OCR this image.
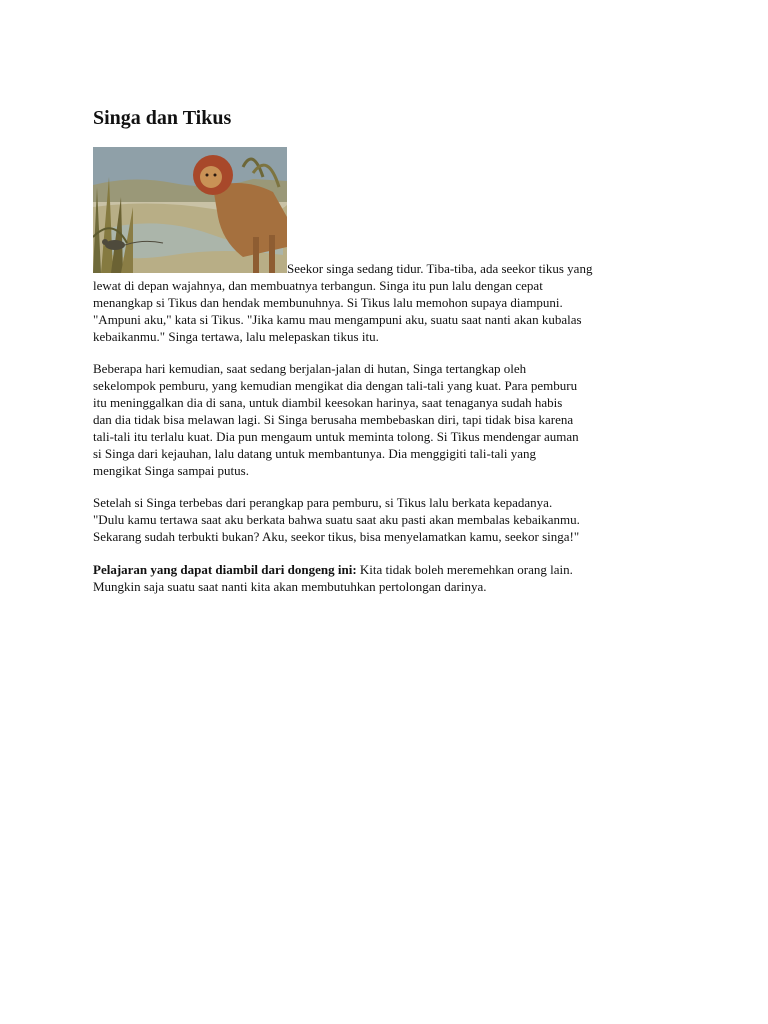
Singa dan Tikus
Seekor singa sedang tidur. Tiba-tiba, ada seekor tikus yang
lewat di depan wajahnya, dan membuatnya terbangun. Singa itu pun lalu dengan cepat
menangkap si Tikus dan hendak membunuhnya. Si Tikus lalu memohon supaya diampuni.
"Ampuni aku," kata si Tikus. "Jika kamu mau mengampuni aku, suatu saat nanti akan kubalas
kebaikanmu." Singa tertawa, lalu melepaskan tikus itu.
Beberapa hari kemudian, saat sedang berjalan-jalan di hutan, Singa tertangkap oleh
sekelompok pemburu, yang kemudian mengikat dia dengan tali-tali yang kuat. Para pemburu
itu meninggalkan dia di sana, untuk diambil keesokan harinya, saat tenaganya sudah habis
dan dia tidak bisa melawan lagi. Si Singa berusaha membebaskan diri, tapi tidak bisa karena
tali-tali itu terlalu kuat. Dia pun mengaum untuk meminta tolong. Si Tikus mendengar auman
si Singa dari kejauhan, lalu datang untuk membantunya. Dia menggigiti tali-tali yang
mengikat Singa sampai putus.
Setelah si Singa terbebas dari perangkap para pemburu, si Tikus lalu berkata kepadanya.
"Dulu kamu tertawa saat aku berkata bahwa suatu saat aku pasti akan membalas kebaikanmu.
Sekarang sudah terbukti bukan? Aku, seekor tikus, bisa menyelamatkan kamu, seekor singa!"
Pelajaran yang dapat diambil dari dongeng ini: Kita tidak boleh meremehkan orang lain.
Mungkin saja suatu saat nanti kita akan membutuhkan pertolongan darinya.
